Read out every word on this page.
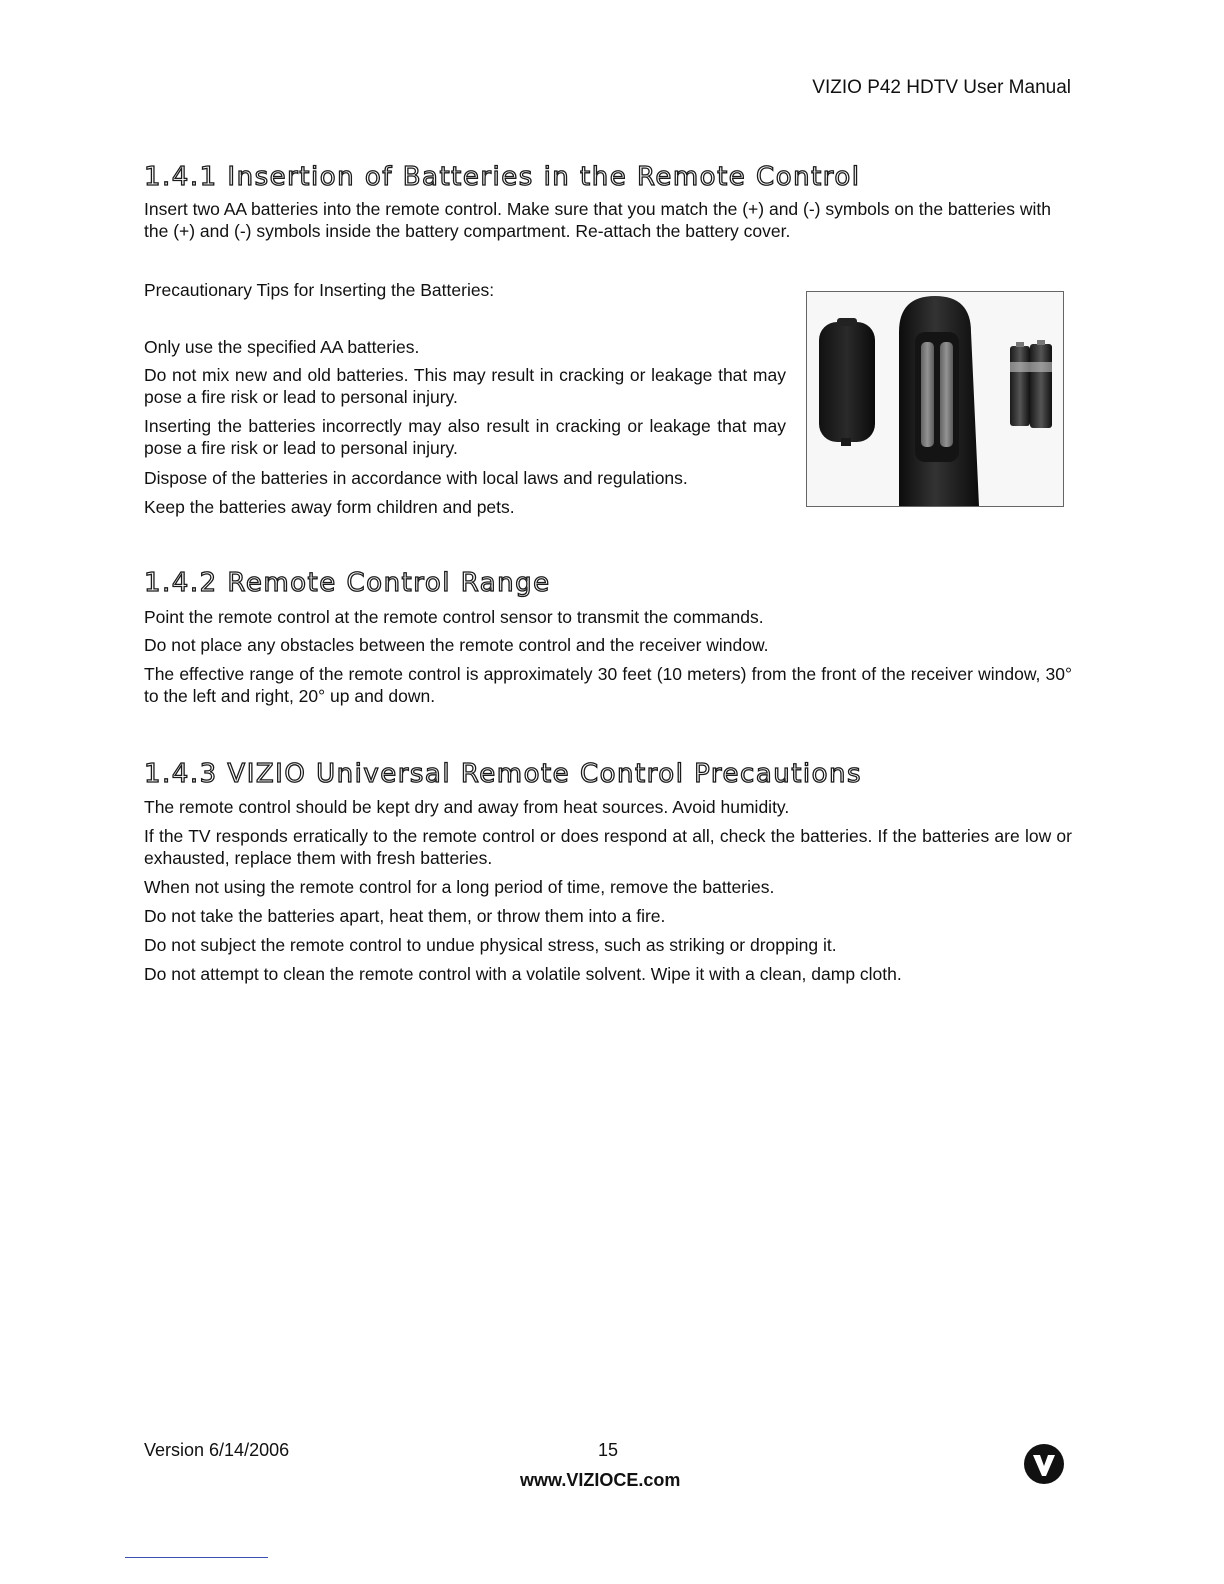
VIZIO P42 HDTV User Manual
1.4.1 Insertion of Batteries in the Remote Control

Insert two AA batteries into the remote control. Make sure that you match the (+) and (-) symbols on the batteries with the (+) and (-) symbols inside the battery compartment. Re-attach the battery cover.

Precautionary Tips for Inserting the Batteries:

Only use the specified AA batteries.

Do not mix new and old batteries. This may result in cracking or leakage that may pose a fire risk or lead to personal injury.

Inserting the batteries incorrectly may also result in cracking or leakage that may pose a fire risk or lead to personal injury.

Dispose of the batteries in accordance with local laws and regulations.

Keep the batteries away form children and pets.

1.4.2 Remote Control Range

Point the remote control at the remote control sensor to transmit the commands.

Do not place any obstacles between the remote control and the receiver window.

The effective range of the remote control is approximately 30 feet (10 meters) from the front of the receiver window, 30° to the left and right, 20° up and down.

1.4.3 VIZIO Universal Remote Control Precautions

The remote control should be kept dry and away from heat sources. Avoid humidity.

If the TV responds erratically to the remote control or does respond at all, check the batteries. If the batteries are low or exhausted, replace them with fresh batteries.

When not using the remote control for a long period of time, remove the batteries.

Do not take the batteries apart, heat them, or throw them into a fire.

Do not subject the remote control to undue physical stress, such as striking or dropping it.

Do not attempt to clean the remote control with a volatile solvent. Wipe it with a clean, damp cloth.

Version 6/14/2006	15
www.VIZIOCE.com
